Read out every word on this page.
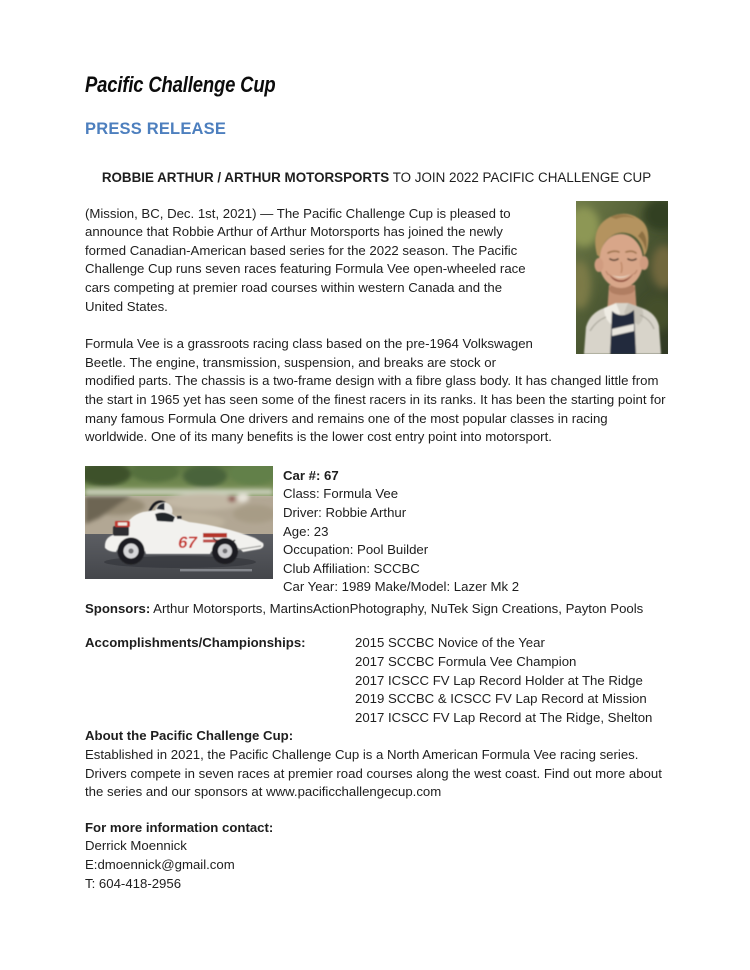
Pacific Challenge Cup
PRESS RELEASE
ROBBIE ARTHUR / ARTHUR MOTORSPORTS TO JOIN 2022 PACIFIC CHALLENGE CUP

(Mission, BC, Dec. 1st, 2021) — The Pacific Challenge Cup is pleased to announce that Robbie Arthur of Arthur Motorsports has joined the newly formed Canadian-American based series for the 2022 season. The Pacific Challenge Cup runs seven races featuring Formula Vee open-wheeled race cars competing at premier road courses within western Canada and the United States.

Formula Vee is a grassroots racing class based on the pre-1964 Volkswagen Beetle. The engine, transmission, suspension, and breaks are stock or modified parts. The chassis is a two-frame design with a fibre glass body. It has changed little from the start in 1965 yet has seen some of the finest racers in its ranks. It has been the starting point for many famous Formula One drivers and remains one of the most popular classes in racing worldwide. One of its many benefits is the lower cost entry point into motorsport.

67
Car #: 67
Class: Formula Vee
Driver: Robbie Arthur
Age: 23
Occupation: Pool Builder
Club Affiliation: SCCBC
Car Year: 1989 Make/Model: Lazer Mk 2
Sponsors: Arthur Motorsports, MartinsActionPhotography, NuTek Sign Creations, Payton Pools
Accomplishments/Championships:	2015 SCCBC Novice of the Year
2017 SCCBC Formula Vee Champion
2017 ICSCC FV Lap Record Holder at The Ridge
2019 SCCBC & ICSCC FV Lap Record at Mission
2017 ICSCC FV Lap Record at The Ridge, Shelton
About the Pacific Challenge Cup:

Established in 2021, the Pacific Challenge Cup is a North American Formula Vee racing series. Drivers compete in seven races at premier road courses along the west coast. Find out more about the series and our sponsors at www.pacificchallengecup.com

For more information contact:
Derrick Moennick
E:dmoennick@gmail.com
T: 604-418-2956
